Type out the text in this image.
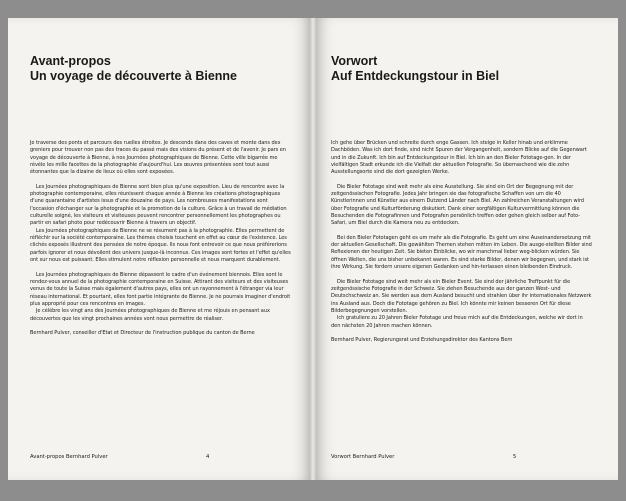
Avant-propos
Un voyage de découverte à Bienne

Je traverse des ponts et parcours des ruelles étroites. Je descends dans des caves et monte dans des greniers pour trouver non pas des traces du passé mais des visions du présent et de l'avenir. Je pars en voyage de découverte à Bienne, à nos Journées photographiques de Bienne. Cette ville bigarrée me révèle les mille facettes de la photographie d'aujourd'hui. Les œuvres présentées sont tout aussi étonnantes que la dizaine de lieux où elles sont exposées.

Les Journées photographiques de Bienne sont bien plus qu'une exposition. Lieu de rencontre avec la photographie contemporaine, elles réunissent chaque année à Bienne les créations photographiques d'une quarantaine d'artistes issus d'une douzaine de pays. Les nombreuses manifestations sont l'occasion d'échanger sur la photographie et la promotion de la culture. Grâce à un travail de médiation culturelle soigné, les visiteurs et visiteuses peuvent rencontrer personnellement les photographes ou partir en safari photo pour redécouvrir Bienne à travers un objectif.

Les Journées photographiques de Bienne ne se résument pas à la photographie. Elles permettent de réfléchir sur la société contemporaine. Les thèmes choisis touchent en effet au cœur de l'existence. Les clichés exposés illustrent des pensées de notre époque. Ils nous font entrevoir ce que nous préférerions parfois ignorer et nous dévoilent des univers jusque-là inconnus. Ces images sont fortes et l'effet qu'elles ont sur nous est puissant. Elles stimulent notre réflexion personnelle et nous marquent durablement.

Les Journées photographiques de Bienne dépassent le cadre d'un événement biennois. Elles sont le rendez-vous annuel de la photographie contemporaine en Suisse. Attirant des visiteurs et des visiteuses venus de toute la Suisse mais également d'autres pays, elles ont un rayonnement à l'étranger via leur réseau international. Et pourtant, elles font partie intégrante de Bienne. Je ne pourrais imaginer d'endroit plus approprié pour ces rencontres en images.

Je célèbre les vingt ans des Journées photographiques de Bienne et me réjouis en pensant aux découvertes que les vingt prochaines années vont nous permettre de réaliser.

Bernhard Pulver, conseiller d'Etat et Directeur de l'instruction publique du canton de Berne

Avant-propos Bernhard Pulver	4
Vorwort
Auf Entdeckungstour in Biel

Ich gehe über Brücken und schreite durch enge Gassen. Ich steige in Keller hinab und erklimme Dachböden. Was ich dort finde, sind nicht Spuren der Vergangenheit, sondern Blicke auf die Gegenwart und in die Zukunft. Ich bin auf Entdeckungstour in Biel. Ich bin an den Bieler Fototage-gen. In der vielfältigen Stadt erkunde ich die Vielfalt der aktuellen Fotografie. So überraschend wie die zehn Ausstellungsorte sind die dort gezeigten Werke.

Die Bieler Fototage sind weit mehr als eine Ausstellung. Sie sind ein Ort der Begegnung mit der zeitgenössischen Fotografie. Jedes Jahr bringen sie das fotografische Schaffen von um die 40 Künstlerinnen und Künstler aus einem Dutzend Länder nach Biel. An zahlreichen Veranstaltungen wird über Fotografie und Kulturförderung diskutiert. Dank einer sorgfältigen Kulturvermittlung können die Besuchenden die Fotografinnen und Fotografen persönlich treffen oder gehen gleich selber auf Foto-Safari, um Biel durch die Kamera neu zu entdecken.

Bei den Bieler Fototagen geht es um mehr als die Fotografie. Es geht um eine Auseinandersetzung mit der aktuellen Gesellschaft. Die gewählten Themen stehen mitten im Leben. Die ausge-stellten Bilder sind Reflexionen der heutigen Zeit. Sie bieten Einblicke, wo wir manchmal lieber weg-blicken würden. Sie öffnen Welten, die uns bisher unbekannt waren. Es sind starke Bilder, denen wir begegnen, und stark ist ihre Wirkung. Sie fordern unsere eigenen Gedanken und hin-terlassen einen bleibenden Eindruck.

Die Bieler Fototage sind weit mehr als ein Bieler Event. Sie sind der jährliche Treffpunkt für die zeitgenössische Fotografie in der Schweiz. Sie ziehen Besuchende aus der ganzen West- und Deutschschweiz an. Sie werden aus dem Ausland besucht und strahlen über ihr internationales Netzwerk ins Ausland aus. Doch die Fototage gehören zu Biel. Ich könnte mir keinen besseren Ort für diese Bilderbegegnungen vorstellen.

Ich gratuliere zu 20 Jahren Bieler Fototage und freue mich auf die Entdeckungen, welche wir dort in den nächsten 20 Jahren machen können.

Bernhard Pulver, Regierungsrat und Erziehungsdirektor des Kantons Bern

Vorwort Bernhard Pulver	5
